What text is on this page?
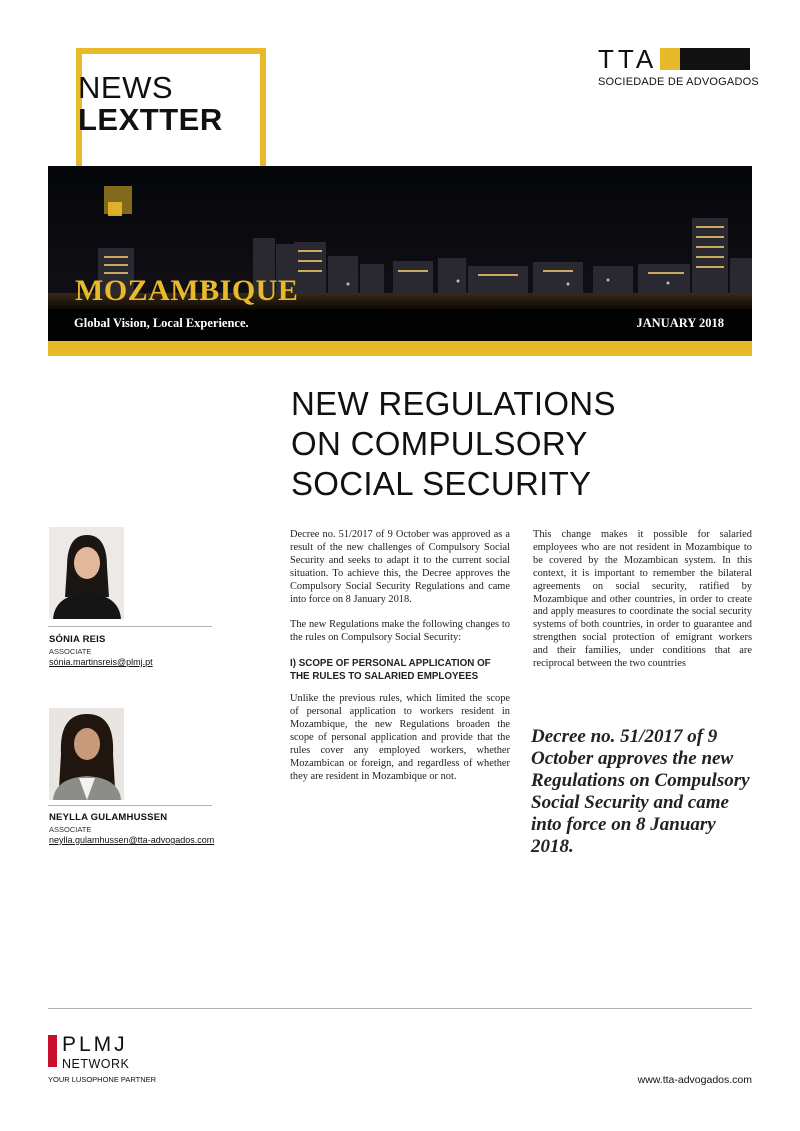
NEWS
LEXTTER
TTA
SOCIEDADE DE ADVOGADOS
MOZAMBIQUE
Global Vision, Local Experience.	JANUARY 2018
NEW REGULATIONS
ON COMPULSORY
SOCIAL SECURITY
SÓNIA REIS
ASSOCIATE
sónia.martinsreis@plmj.pt
NEYLLA GULAMHUSSEN
ASSOCIATE
neylla.gulamhussen@tta-advogados.com

Decree no. 51/2017 of 9 October was approved as a result of the new challenges of Compulsory Social Security and seeks to adapt it to the current social situation. To achieve this, the Decree approves the Compulsory Social Security Regulations and came into force on 8 January 2018.

The new Regulations make the following changes to the rules on Compulsory Social Security:

I) SCOPE OF PERSONAL APPLICATION OF THE RULES TO SALARIED EMPLOYEES

Unlike the previous rules, which limited the scope of personal application to workers resident in Mozambique, the new Regulations broaden the scope of personal application and provide that the rules cover any employed workers, whether Mozambican or foreign, and regardless of whether they are resident in Mozambique or not.

This change makes it possible for salaried employees who are not resident in Mozambique to be covered by the Mozambican system. In this context, it is important to remember the bilateral agreements on social security, ratified by Mozambique and other countries, in order to create and apply measures to coordinate the social security systems of both countries, in order to guarantee and strengthen social protection of emigrant workers and their families, under conditions that are reciprocal between the two countries

Decree no. 51/2017 of 9 October approves the new Regulations on Compulsory Social Security and came into force on 8 January 2018.
PLMJ
NETWORK
YOUR LUSOPHONE PARTNER	www.tta-advogados.com
